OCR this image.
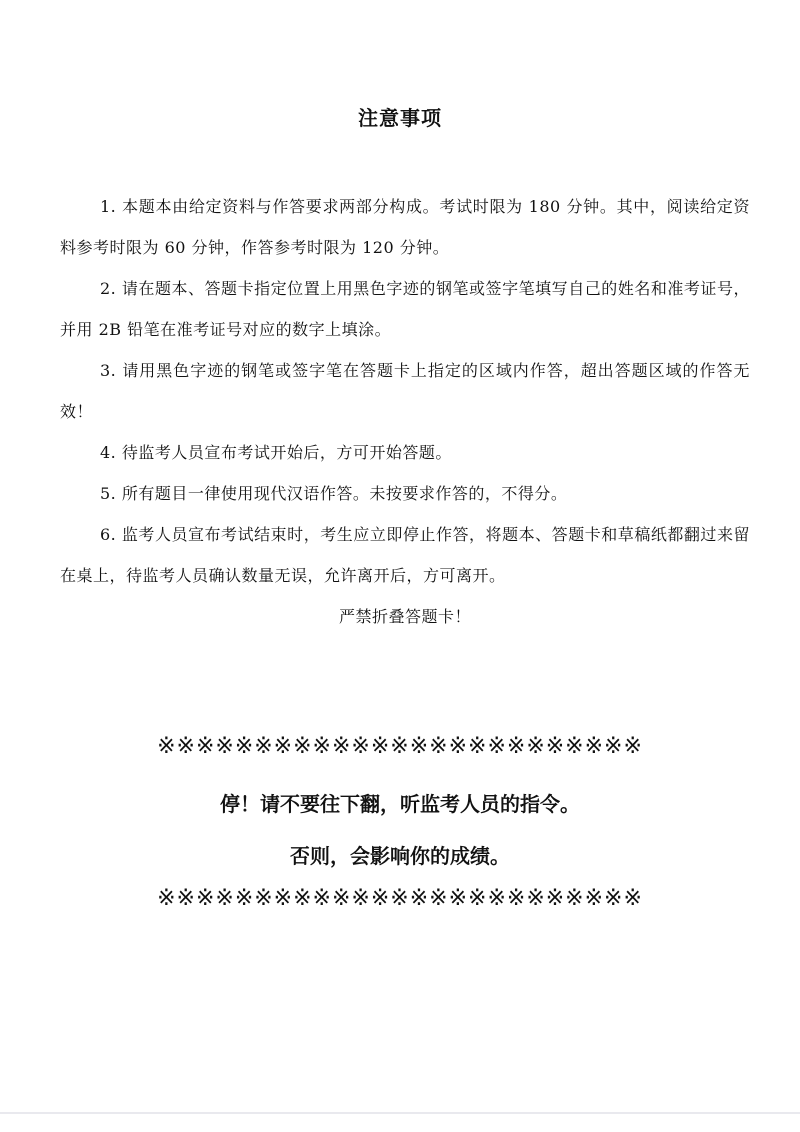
注意事项

1. 本题本由给定资料与作答要求两部分构成。考试时限为 180 分钟。其中，阅读给定资料参考时限为 60 分钟，作答参考时限为 120 分钟。

2. 请在题本、答题卡指定位置上用黑色字迹的钢笔或签字笔填写自己的姓名和准考证号，并用 2B 铅笔在准考证号对应的数字上填涂。

3. 请用黑色字迹的钢笔或签字笔在答题卡上指定的区域内作答，超出答题区域的作答无效！

4. 待监考人员宣布考试开始后，方可开始答题。

5. 所有题目一律使用现代汉语作答。未按要求作答的，不得分。

6. 监考人员宣布考试结束时，考生应立即停止作答，将题本、答题卡和草稿纸都翻过来留在桌上，待监考人员确认数量无误，允许离开后，方可离开。

严禁折叠答题卡！

※※※※※※※※※※※※※※※※※※※※※※※※※
停！请不要往下翻，听监考人员的指令。
否则，会影响你的成绩。
※※※※※※※※※※※※※※※※※※※※※※※※※
